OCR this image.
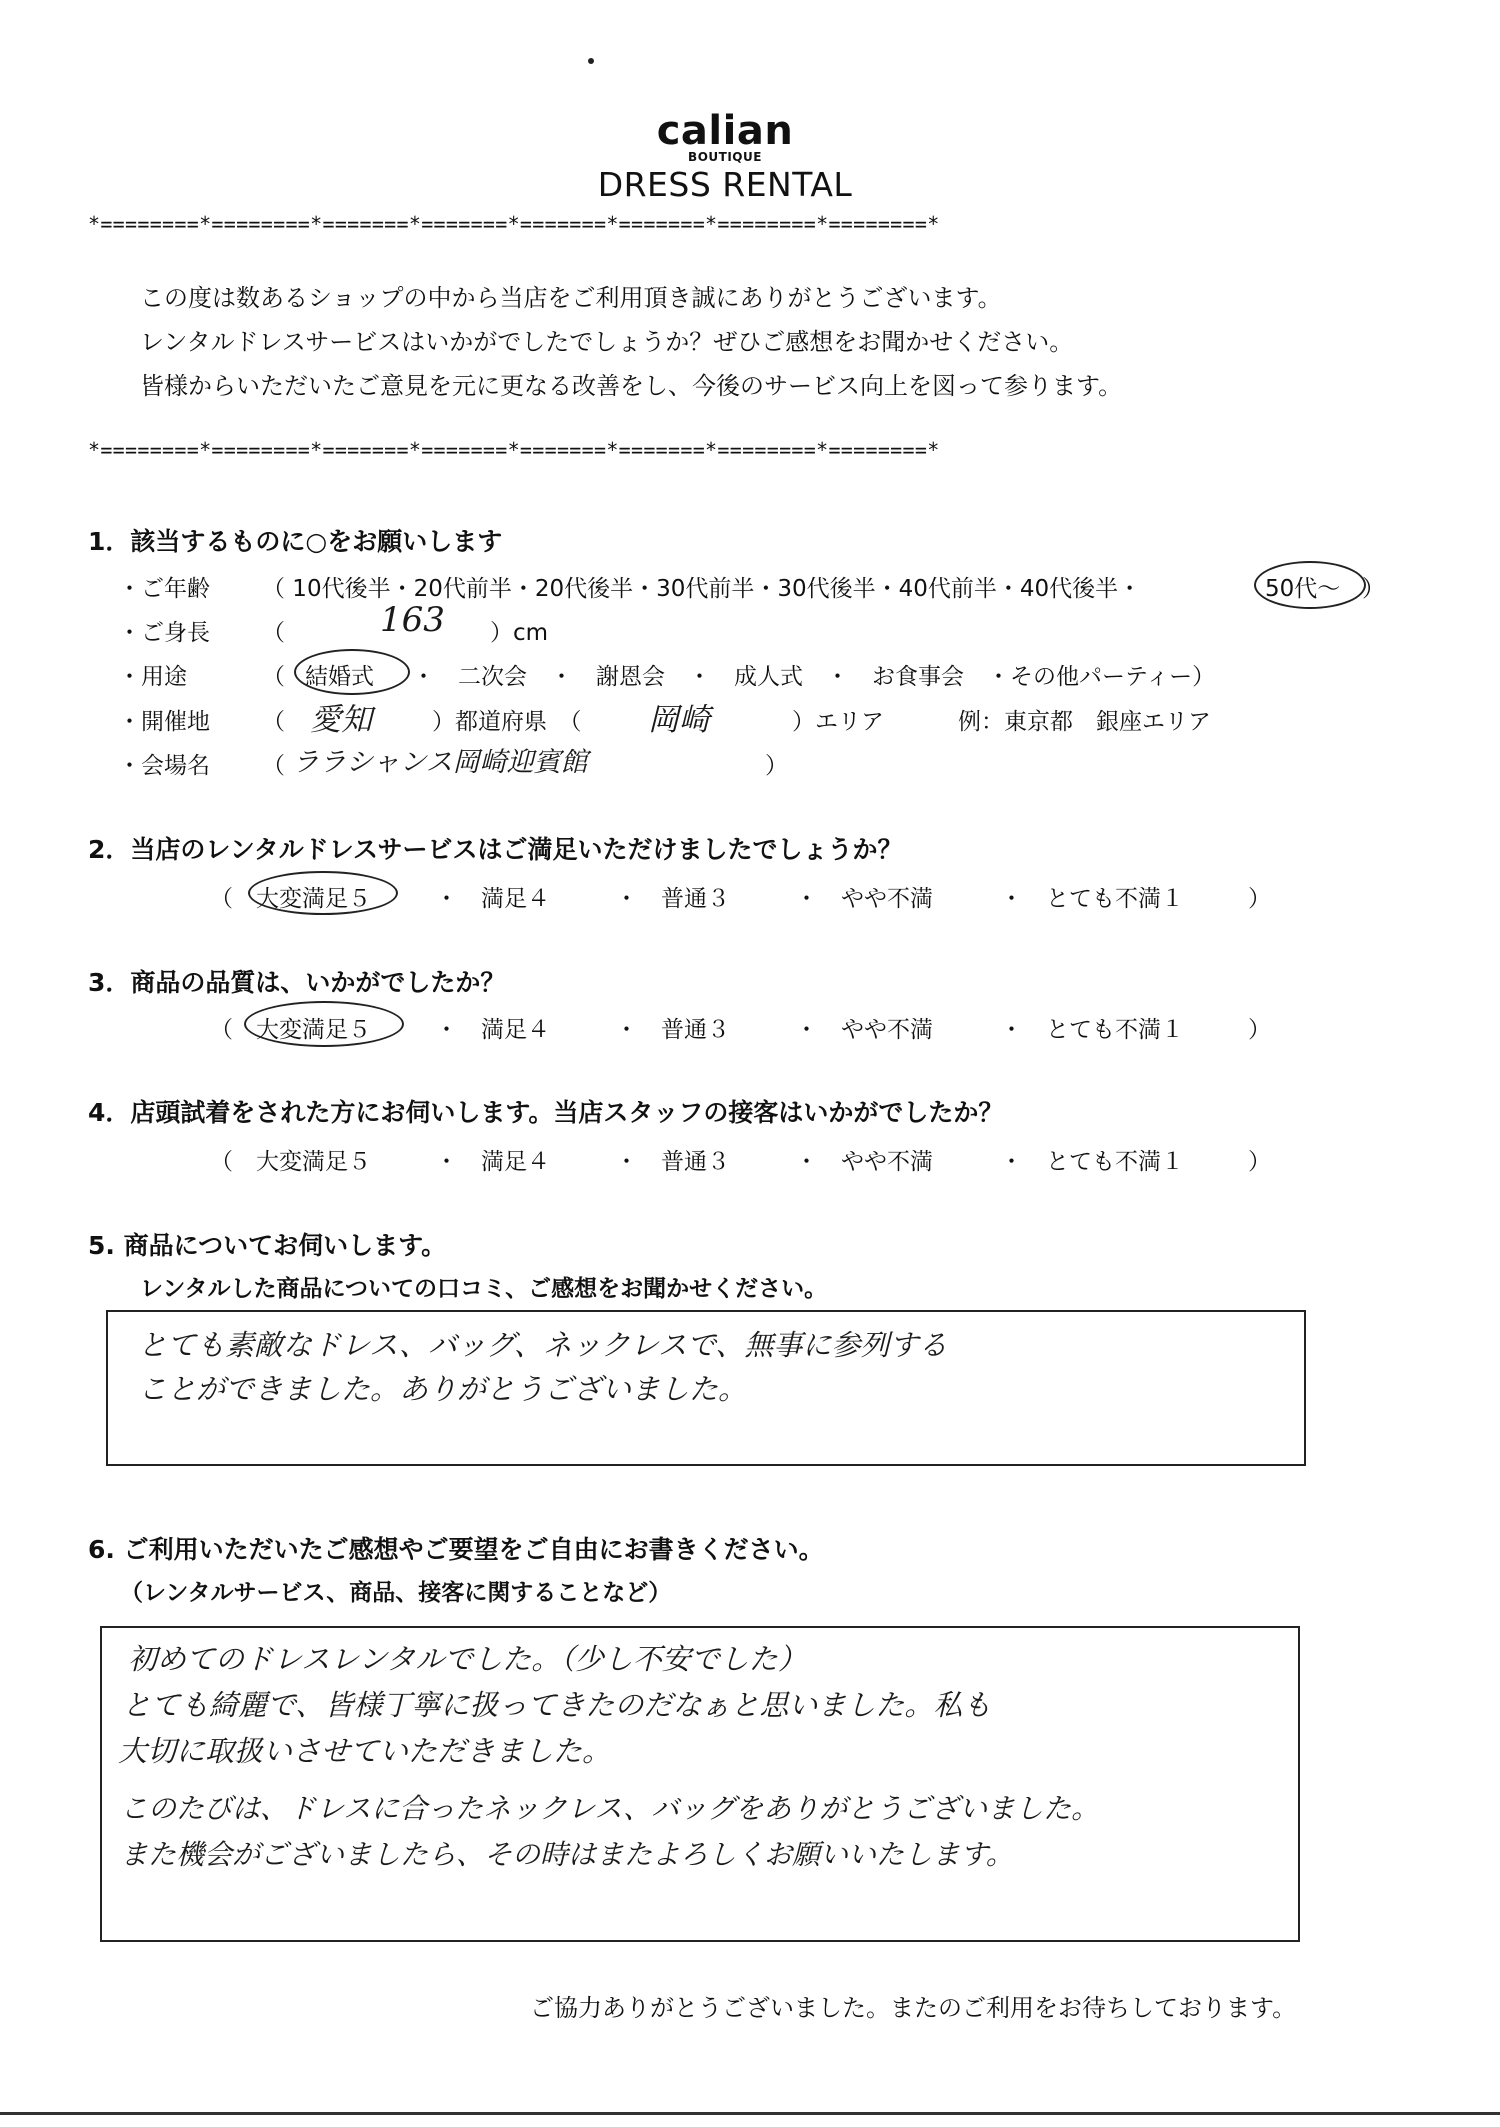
calian
BOUTIQUE
DRESS RENTAL
*========*========*=======*=======*=======*=======*========*========*
この度は数あるショップの中から当店をご利用頂き誠にありがとうございます。
レンタルドレスサービスはいかがでしたでしょうか？ぜひご感想をお聞かせください。
皆様からいただいたご意見を元に更なる改善をし、今後のサービス向上を図って参ります。
*========*========*=======*=======*=======*=======*========*========*
1．該当するものに○をお願いします
・ご年齢 （ 10代後半・20代前半・20代後半・30代前半・30代後半・40代前半・40代後半・	50代〜 ）
・ご身長 （	163 ）cm
・用途	（ 結婚式 ・　二次会　・　謝恩会　・　成人式　・　お食事会　・その他パーティー）
・開催地 （ 愛知	）都道府県　（ 岡崎	）エリア	例：東京都　銀座エリア
・会場名 （ ララシャンス岡崎迎賓館	）
2．当店のレンタルドレスサービスはご満足いただけましたでしょうか？
（ 大変満足５	・　満足４	・　普通３	・　やや不満	・　とても不満１	）
3．商品の品質は、いかがでしたか？
（ 大変満足５	・　満足４	・　普通３	・　やや不満	・　とても不満１	）
4．店頭試着をされた方にお伺いします。当店スタッフの接客はいかがでしたか？
（ 大変満足５	・　満足４	・　普通３	・　やや不満	・　とても不満１	）
5. 商品についてお伺いします。
レンタルした商品についての口コミ、ご感想をお聞かせください。
とても素敵なドレス、バッグ、ネックレスで、無事に参列する
ことができました。ありがとうございました。
6. ご利用いただいたご感想やご要望をご自由にお書きください。
（レンタルサービス、商品、接客に関することなど）
初めてのドレスレンタルでした。（少し不安でした）
とても綺麗で、皆様丁寧に扱ってきたのだなぁと思いました。私も
大切に取扱いさせていただきました。
このたびは、ドレスに合ったネックレス、バッグをありがとうございました。
また機会がございましたら、その時はまたよろしくお願いいたします。
ご協力ありがとうございました。またのご利用をお待ちしております。
